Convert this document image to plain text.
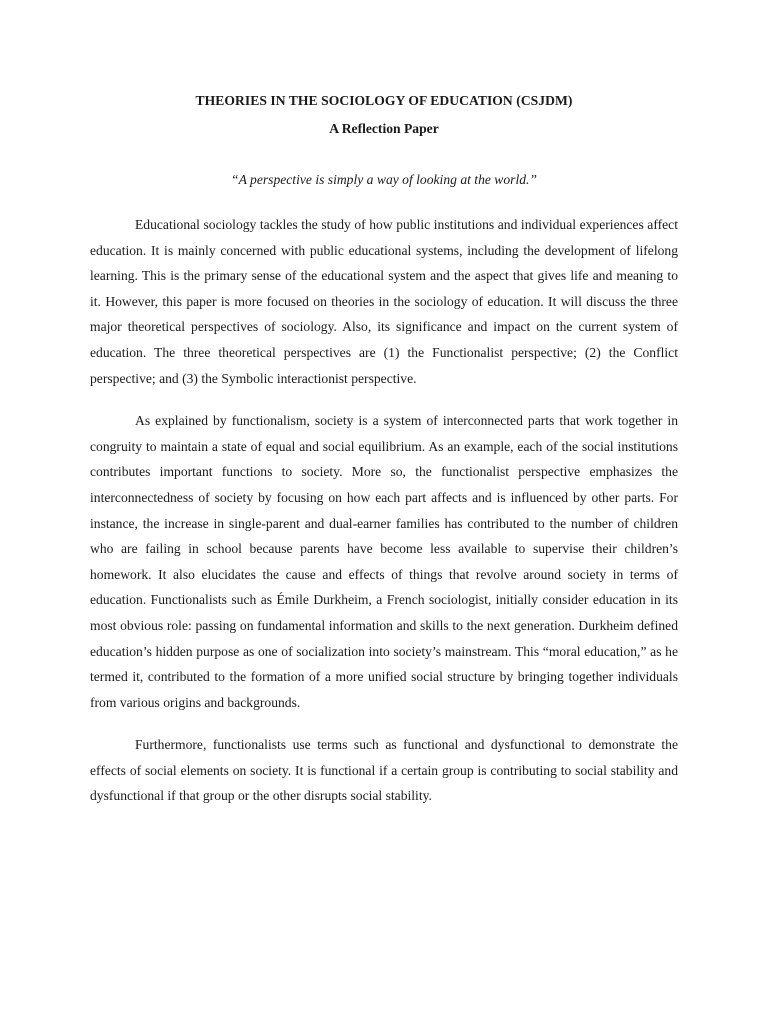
THEORIES IN THE SOCIOLOGY OF EDUCATION (CSJDM)
A Reflection Paper
“A perspective is simply a way of looking at the world.”

Educational sociology tackles the study of how public institutions and individual experiences affect education. It is mainly concerned with public educational systems, including the development of lifelong learning. This is the primary sense of the educational system and the aspect that gives life and meaning to it. However, this paper is more focused on theories in the sociology of education. It will discuss the three major theoretical perspectives of sociology. Also, its significance and impact on the current system of education. The three theoretical perspectives are (1) the Functionalist perspective; (2) the Conflict perspective; and (3) the Symbolic interactionist perspective.

As explained by functionalism, society is a system of interconnected parts that work together in congruity to maintain a state of equal and social equilibrium. As an example, each of the social institutions contributes important functions to society. More so, the functionalist perspective emphasizes the interconnectedness of society by focusing on how each part affects and is influenced by other parts. For instance, the increase in single-parent and dual-earner families has contributed to the number of children who are failing in school because parents have become less available to supervise their children’s homework. It also elucidates the cause and effects of things that revolve around society in terms of education. Functionalists such as Émile Durkheim, a French sociologist, initially consider education in its most obvious role: passing on fundamental information and skills to the next generation. Durkheim defined education’s hidden purpose as one of socialization into society’s mainstream. This “moral education,” as he termed it, contributed to the formation of a more unified social structure by bringing together individuals from various origins and backgrounds.

Furthermore, functionalists use terms such as functional and dysfunctional to demonstrate the effects of social elements on society. It is functional if a certain group is contributing to social stability and dysfunctional if that group or the other disrupts social stability.
